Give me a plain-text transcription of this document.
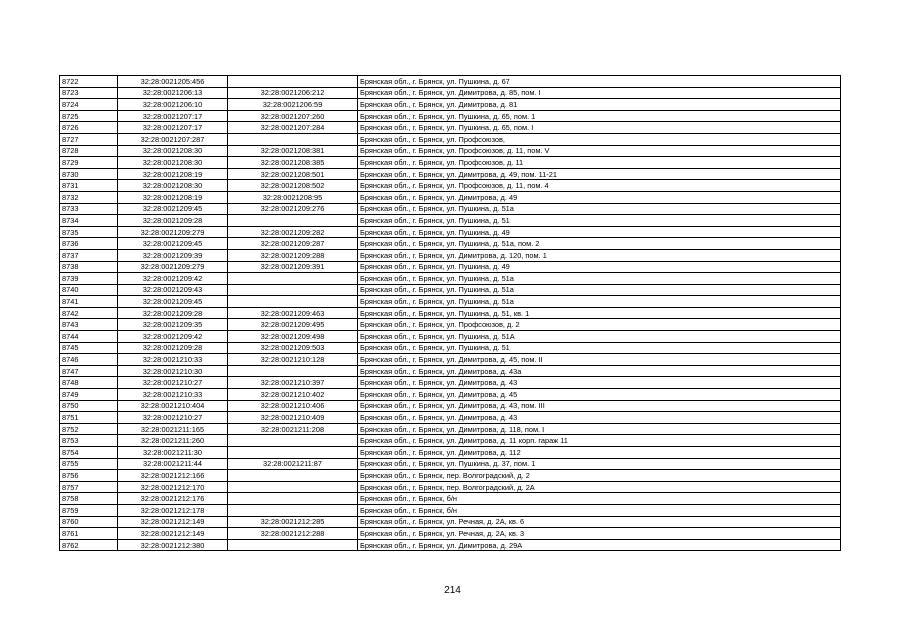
8722	32:28:0021205:456		Брянская обл., г. Брянск, ул. Пушкина, д. 67
8723	32:28:0021206:13	32:28:0021206:212	Брянская обл., г. Брянск, ул. Димитрова, д. 85, пом. I
8724	32:28:0021206:10	32:28:0021206:59	Брянская обл., г. Брянск, ул. Димитрова, д. 81
8725	32:28:0021207:17	32:28:0021207:260	Брянская обл., г. Брянск, ул. Пушкина, д. 65, пом. 1
8726	32:28:0021207:17	32:28:0021207:284	Брянская обл., г. Брянск, ул. Пушкина, д. 65, пом. I
8727	32:28:0021207:287		Брянская обл., г. Брянск, ул. Профсоюзов,
8728	32:28:0021208:30	32:28:0021208:381	Брянская обл., г. Брянск, ул. Профсоюзов, д. 11, пом. V
8729	32:28:0021208:30	32:28:0021208:385	Брянская обл., г. Брянск, ул. Профсоюзов, д. 11
8730	32:28:0021208:19	32:28:0021208:501	Брянская обл., г. Брянск, ул. Димитрова, д. 49, пом. 11-21
8731	32:28:0021208:30	32:28:0021208:502	Брянская обл., г. Брянск, ул. Профсоюзов, д. 11, пом. 4
8732	32:28:0021208:19	32:28:0021208:95	Брянская обл., г. Брянск, ул. Димитрова, д. 49
8733	32:28:0021209:45	32:28:0021209:276	Брянская обл., г. Брянск, ул. Пушкина, д. 51а
8734	32:28:0021209:28		Брянская обл., г. Брянск, ул. Пушкина, д. 51
8735	32:28:0021209:279	32:28:0021209:282	Брянская обл., г. Брянск, ул. Пушкина, д. 49
8736	32:28:0021209:45	32:28:0021209:287	Брянская обл., г. Брянск, ул. Пушкина, д. 51а, пом. 2
8737	32:28:0021209:39	32:28:0021209:288	Брянская обл., г. Брянск, ул. Димитрова, д. 120, пом. 1
8738	32:28:0021209:279	32:28:0021209:391	Брянская обл., г. Брянск, ул. Пушкина, д. 49
8739	32:28:0021209:42		Брянская обл., г. Брянск, ул. Пушкина, д. 51а
8740	32:28:0021209:43		Брянская обл., г. Брянск, ул. Пушкина, д. 51а
8741	32:28:0021209:45		Брянская обл., г. Брянск, ул. Пушкина, д. 51а
8742	32:28:0021209:28	32:28:0021209:463	Брянская обл., г. Брянск, ул. Пушкина, д. 51, кв. 1
8743	32:28:0021209:35	32:28:0021209:495	Брянская обл., г. Брянск, ул. Профсоюзов, д. 2
8744	32:28:0021209:42	32:28:0021209:498	Брянская обл., г. Брянск, ул. Пушкина, д. 51А
8745	32:28:0021209:28	32:28:0021209:503	Брянская обл., г. Брянск, ул. Пушкина, д. 51
8746	32:28:0021210:33	32:28:0021210:128	Брянская обл., г. Брянск, ул. Димитрова, д. 45, пом. II
8747	32:28:0021210:30		Брянская обл., г. Брянск, ул. Димитрова, д. 43а
8748	32:28:0021210:27	32:28:0021210:397	Брянская обл., г. Брянск, ул. Димитрова, д. 43
8749	32:28:0021210:33	32:28:0021210:402	Брянская обл., г. Брянск, ул. Димитрова, д. 45
8750	32:28:0021210:404	32:28:0021210:406	Брянская обл., г. Брянск, ул. Димитрова, д. 43, пом. III
8751	32:28:0021210:27	32:28:0021210:409	Брянская обл., г. Брянск, ул. Димитрова, д. 43
8752	32:28:0021211:165	32:28:0021211:208	Брянская обл., г. Брянск, ул. Димитрова, д. 118, пом. I
8753	32:28:0021211:260		Брянская обл., г. Брянск, ул. Димитрова, д. 11 корп. гараж 11
8754	32:28:0021211:30		Брянская обл., г. Брянск, ул. Димитрова, д. 112
8755	32:28:0021211:44	32:28:0021211:87	Брянская обл., г. Брянск, ул. Пушкина, д. 37, пом. 1
8756	32:28:0021212:166		Брянская обл., г. Брянск, пер. Волгоградский, д. 2
8757	32:28:0021212:170		Брянская обл., г. Брянск, пер. Волгоградский, д. 2А
8758	32:28:0021212:176		Брянская обл., г. Брянск, б/н
8759	32:28:0021212:178		Брянская обл., г. Брянск, б/н
8760	32:28:0021212:149	32:28:0021212:285	Брянская обл., г. Брянск, ул. Речная, д. 2А, кв. 6
8761	32:28:0021212:149	32:28:0021212:288	Брянская обл., г. Брянск, ул. Речная, д. 2А, кв. 3
8762	32:28:0021212:380		Брянская обл., г. Брянск, ул. Димитрова, д. 29А
214
